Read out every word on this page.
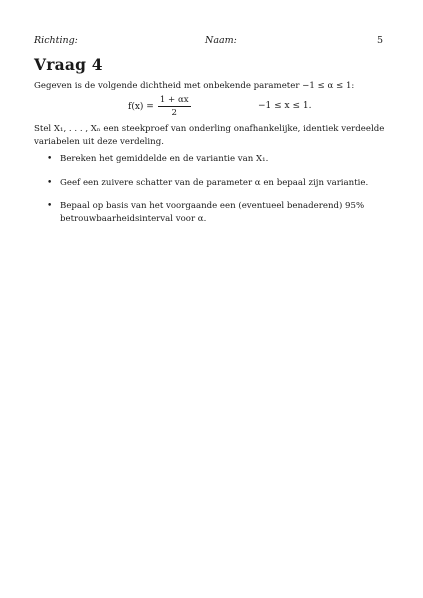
Richting:	Naam:	5
Vraag 4
Gegeven is de volgende dichtheid met onbekende parameter −1 ≤ α ≤ 1:
$f(x) = \frac{1 + \alpha x}{2}$	−1 ≤ x ≤ 1.
Stel X₁, . . . , Xₙ een steekproef van onderling onafhankelijke, identiek verdeelde variabelen uit deze verdeling.
• Bereken het gemiddelde en de variantie van X₁.
• Geef een zuivere schatter van de parameter α en bepaal zijn variantie.
• Bepaal op basis van het voorgaande een (eventueel benaderend) 95% betrouwbaarheidsinterval voor α.
